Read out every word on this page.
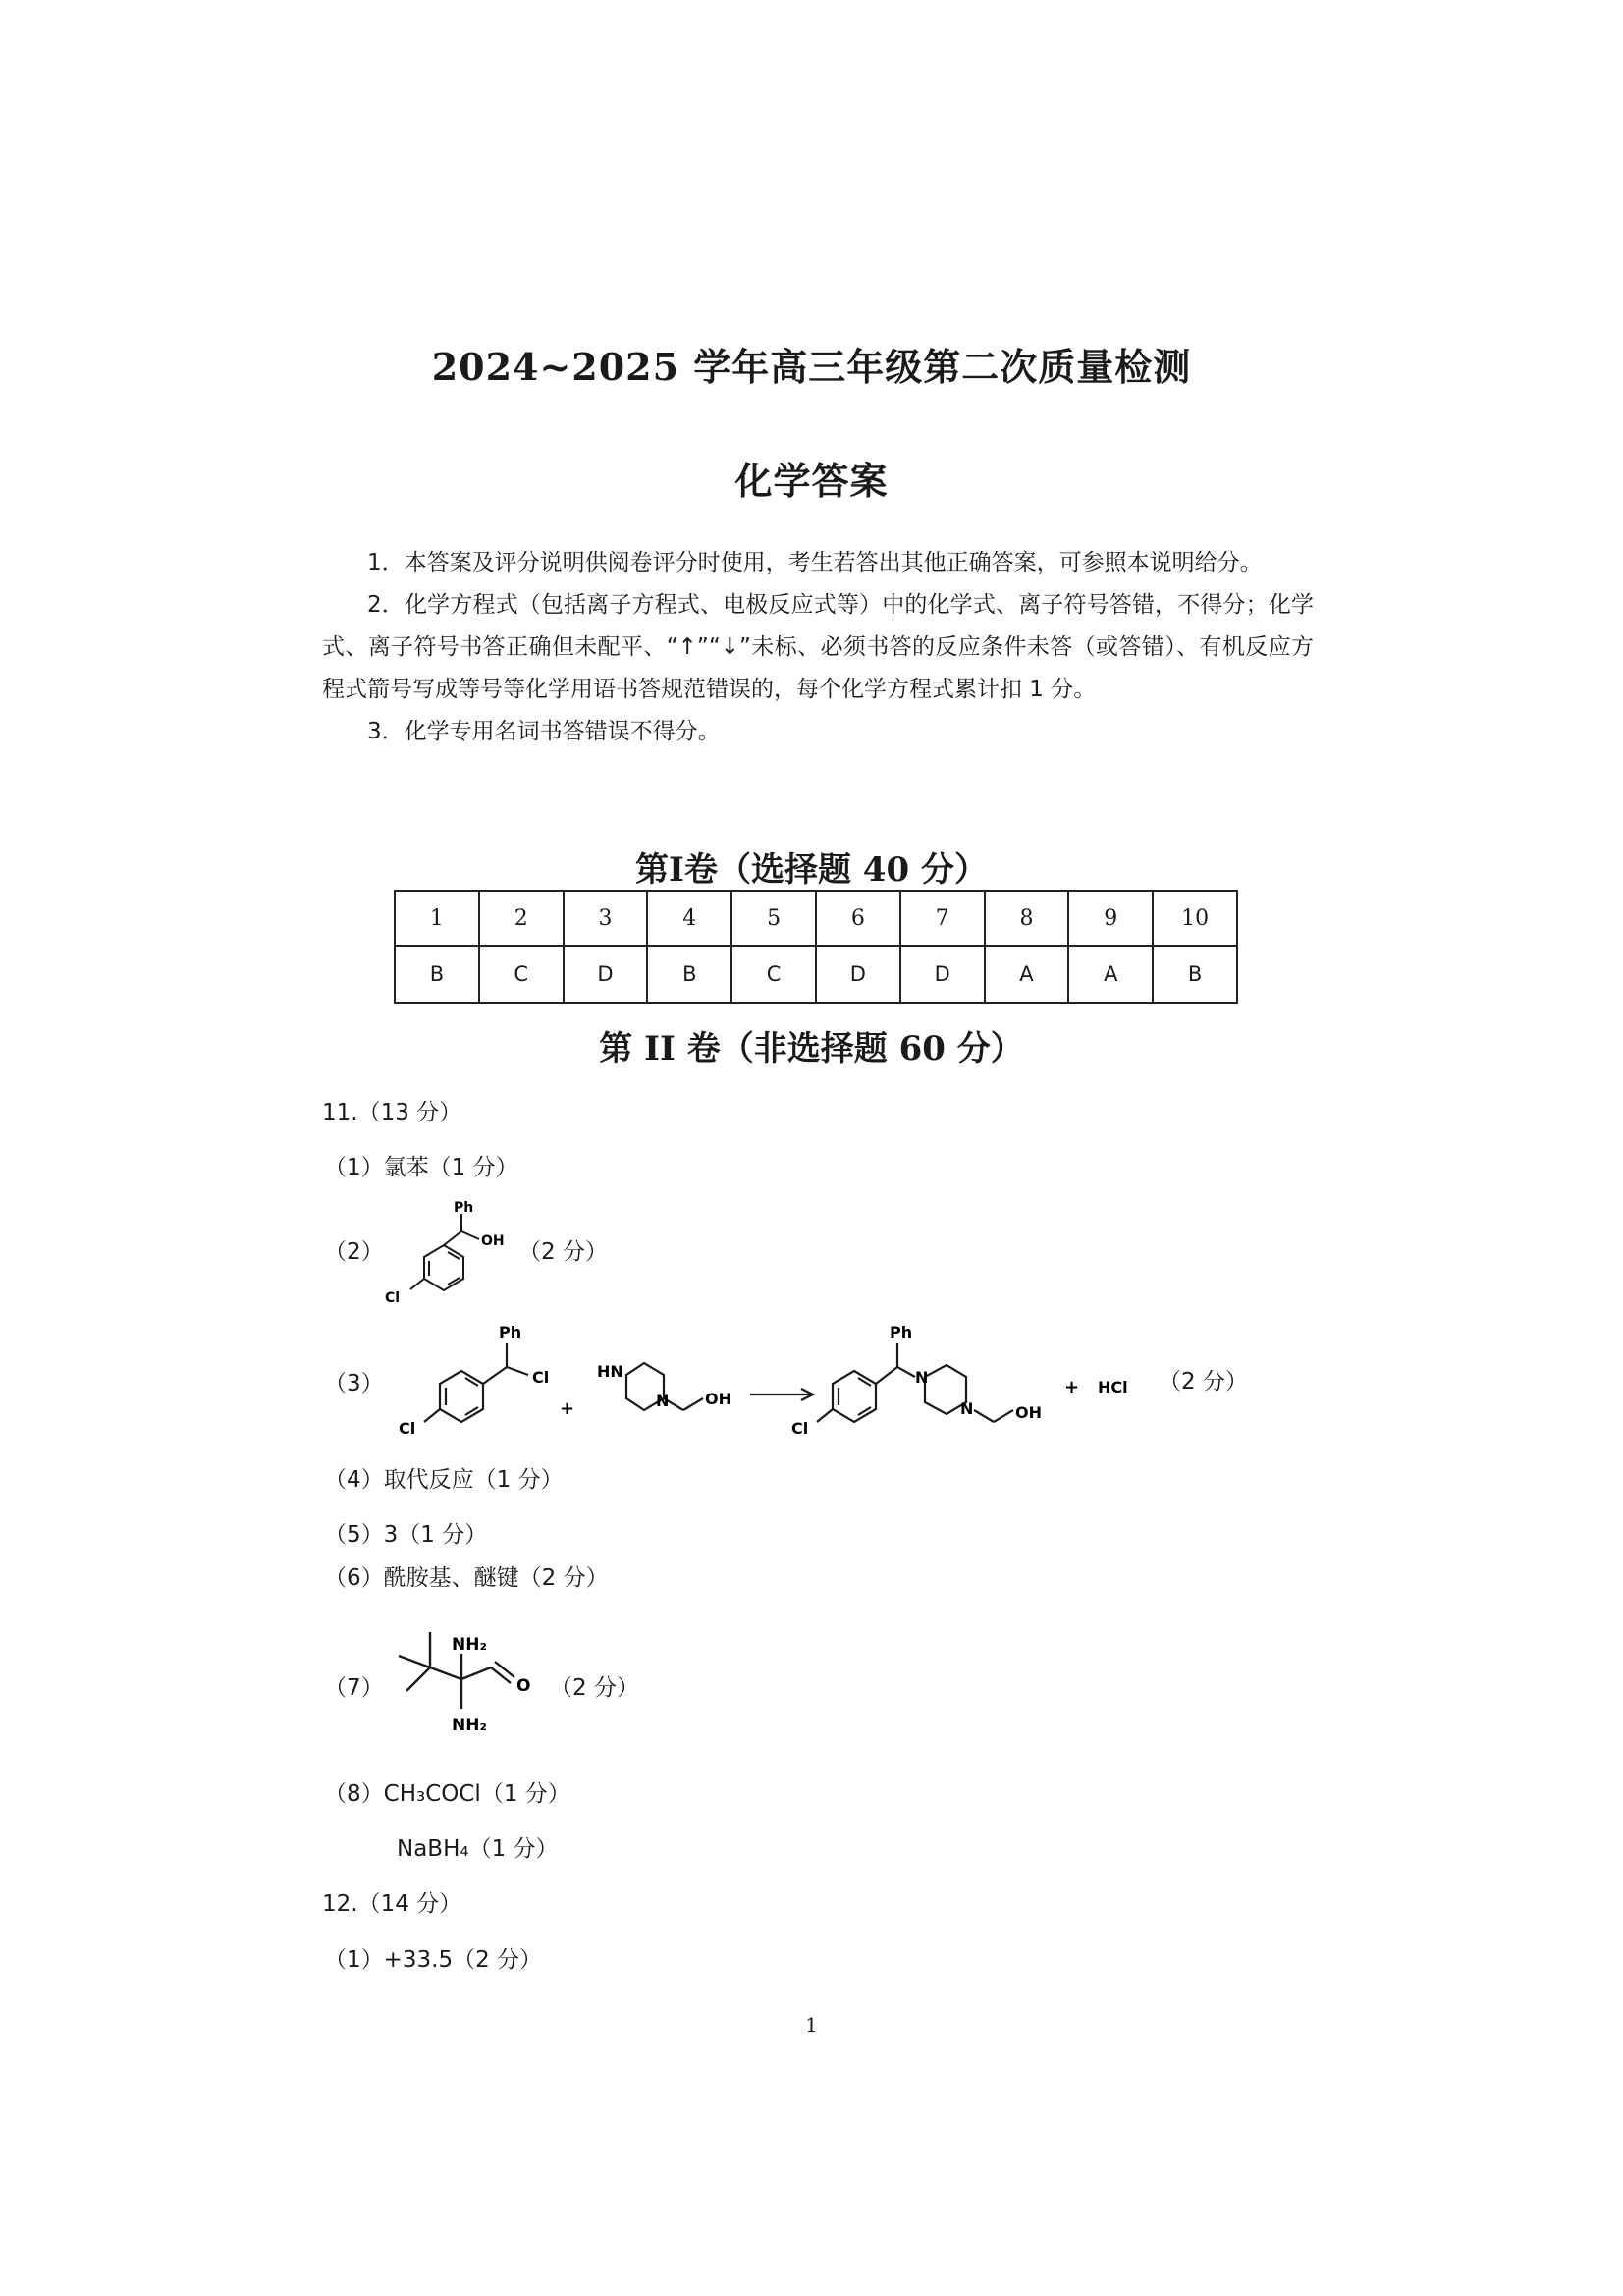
2024~2025 学年高三年级第二次质量检测
化学答案

1．本答案及评分说明供阅卷评分时使用，考生若答出其他正确答案，可参照本说明给分。

2．化学方程式（包括离子方程式、电极反应式等）中的化学式、离子符号答错，不得分；化学式、离子符号书答正确但未配平、“↑”“↓”未标、必须书答的反应条件未答（或答错）、有机反应方程式箭号写成等号等化学用语书答规范错误的，每个化学方程式累计扣 1 分。

3．化学专用名词书答错误不得分。

第Ⅰ卷（选择题 40 分）
1	2	3	4	5	6	7	8	9	10
B	C	D	B	C	D	D	A	A	B
第 II 卷（非选择题 60 分）
11.（13 分）
（1）氯苯（1 分）
（2）
Ph
OH
Cl
（2 分）
（3）
Ph
Cl
Cl
+
HN
N OH
Ph
N
N	OH
Cl
+ HCl （2 分）
（4）取代反应（1 分）
（5）3（1 分）
（6）酰胺基、醚键（2 分）
（7）
NH₂
O
NH₂
（2 分）
（8）CH₃COCl（1 分）
NaBH₄（1 分）
12.（14 分）
（1）+33.5（2 分）
1
